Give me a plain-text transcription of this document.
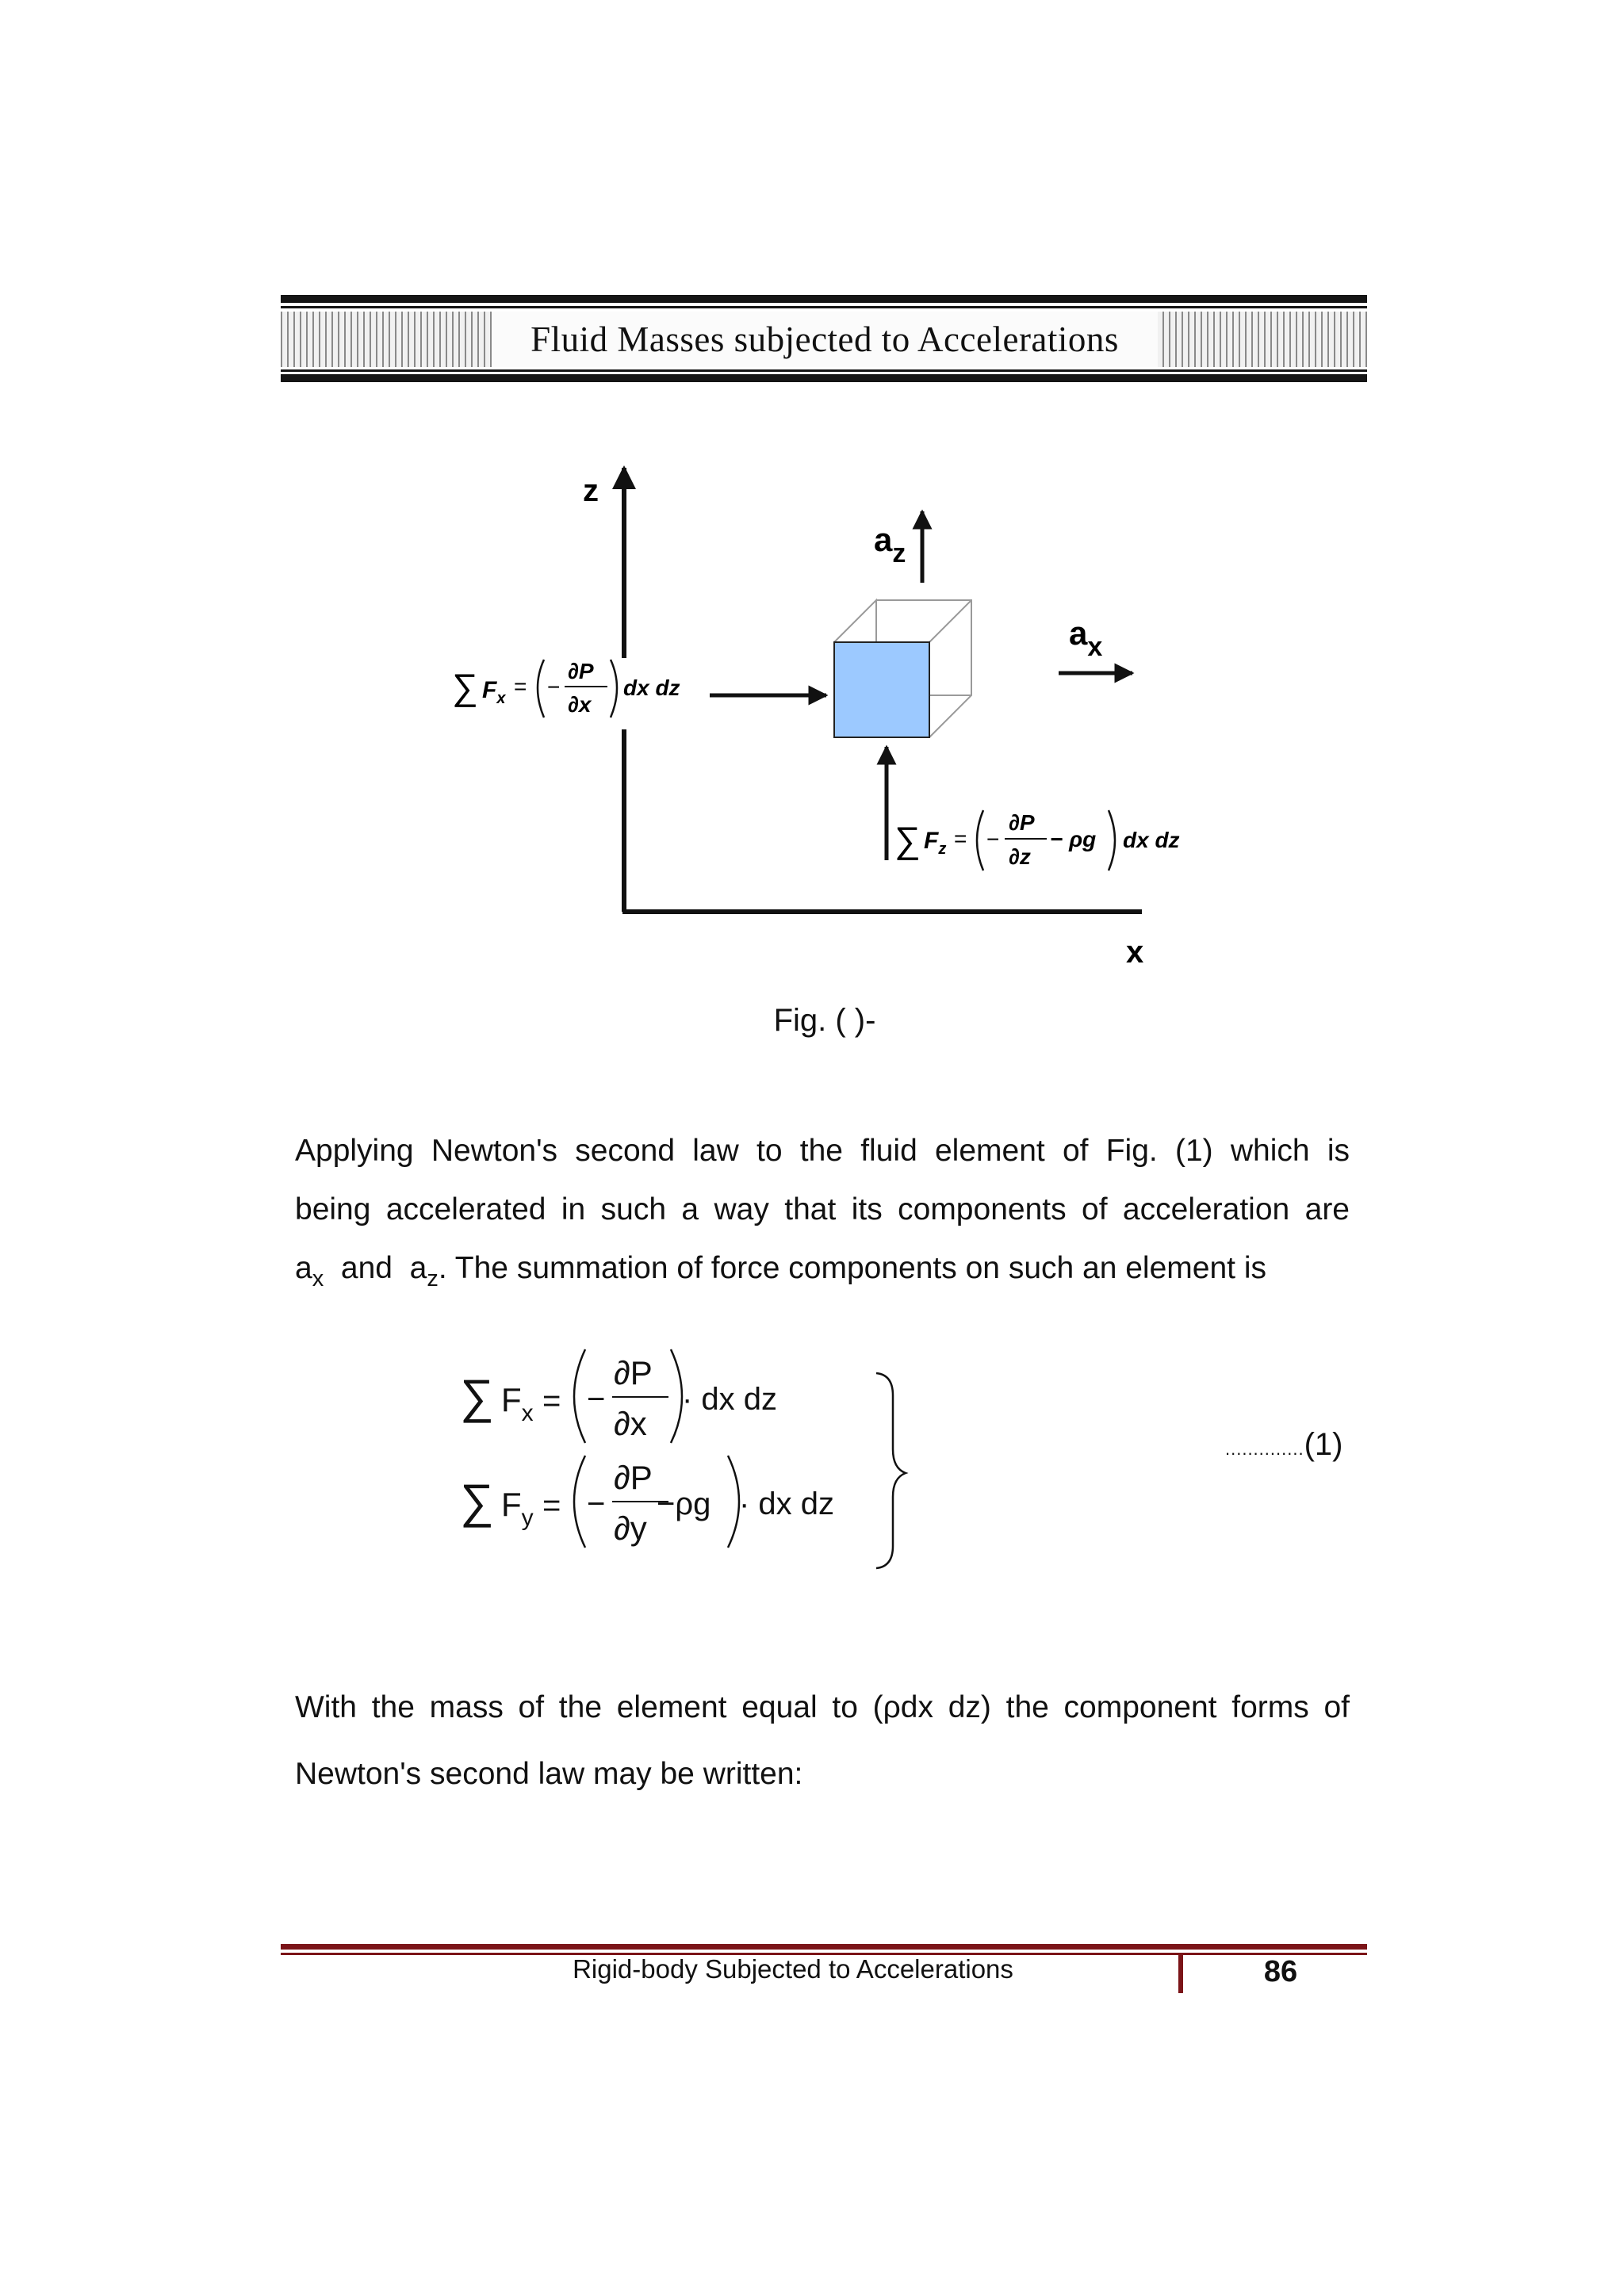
Fluid Masses subjected to Accelerations
z
x
$a_z$
$a_x$
∑ $F_x$ = −
∂P
∂x
dx dz
∑ $F_z$ = −
∂P
∂z
− ρg dx dz
Fig. ( )-
Applying Newton's second law to the fluid element of Fig. (1) which is
being accelerated in such a way that its components of acceleration are
$a_x$ and $a_z$. The summation of force components on such an element is
∑ $F_x$ = −
∂P
∂x
· dx dz
∑ $F_y$ = −
∂P
∂y
−ρg · dx dz
..............(1)
With the mass of the element equal to (ρdx dz) the component forms of
Newton's second law may be written:
Rigid-body Subjected to Accelerations	86
